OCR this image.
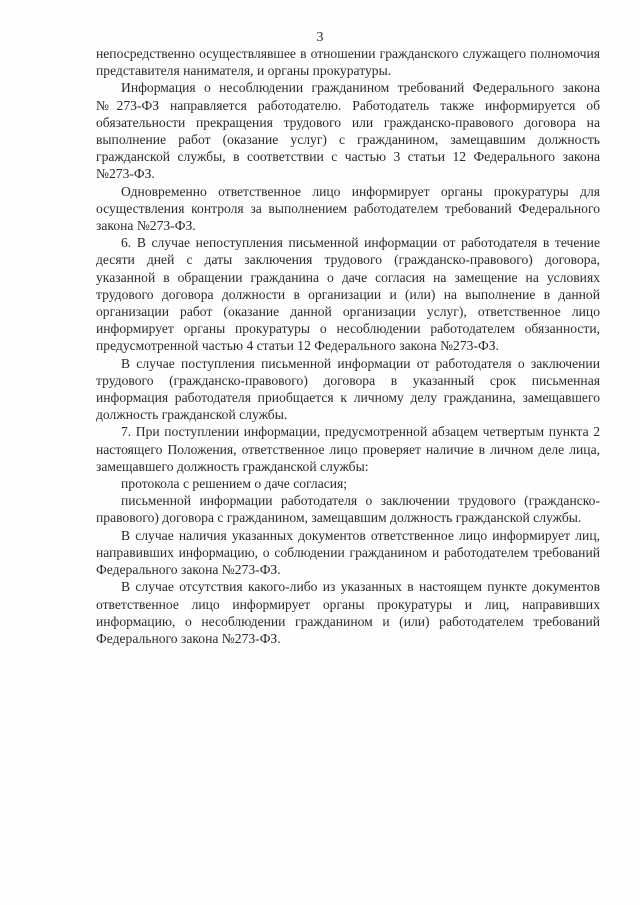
3

непосредственно осуществлявшее в отношении гражданского служащего полномочия представителя нанимателя, и органы прокуратуры.

Информация о несоблюдении гражданином требований Федерального закона №273-ФЗ направляется работодателю. Работодатель также информируется об обязательности прекращения трудового или гражданско-правового договора на выполнение работ (оказание услуг) с гражданином, замещавшим должность гражданской службы, в соответствии с частью 3 статьи 12 Федерального закона №273-ФЗ.

Одновременно ответственное лицо информирует органы прокуратуры для осуществления контроля за выполнением работодателем требований Федерального закона №273-ФЗ.

6. В случае непоступления письменной информации от работодателя в течение десяти дней с даты заключения трудового (гражданско-правового) договора, указанной в обращении гражданина о даче согласия на замещение на условиях трудового договора должности в организации и (или) на выполнение в данной организации работ (оказание данной организации услуг), ответственное лицо информирует органы прокуратуры о несоблюдении работодателем обязанности, предусмотренной частью 4 статьи 12 Федерального закона №273-ФЗ.

В случае поступления письменной информации от работодателя о заключении трудового (гражданско-правового) договора в указанный срок письменная информация работодателя приобщается к личному делу гражданина, замещавшего должность гражданской службы.

7. При поступлении информации, предусмотренной абзацем четвертым пункта 2 настоящего Положения, ответственное лицо проверяет наличие в личном деле лица, замещавшего должность гражданской службы:

протокола с решением о даче согласия;

письменной информации работодателя о заключении трудового (гражданско-правового) договора с гражданином, замещавшим должность гражданской службы.

В случае наличия указанных документов ответственное лицо информирует лиц, направивших информацию, о соблюдении гражданином и работодателем требований Федерального закона №273-ФЗ.

В случае отсутствия какого-либо из указанных в настоящем пункте документов ответственное лицо информирует органы прокуратуры и лиц, направивших информацию, о несоблюдении гражданином и (или) работодателем требований Федерального закона №273-ФЗ.
